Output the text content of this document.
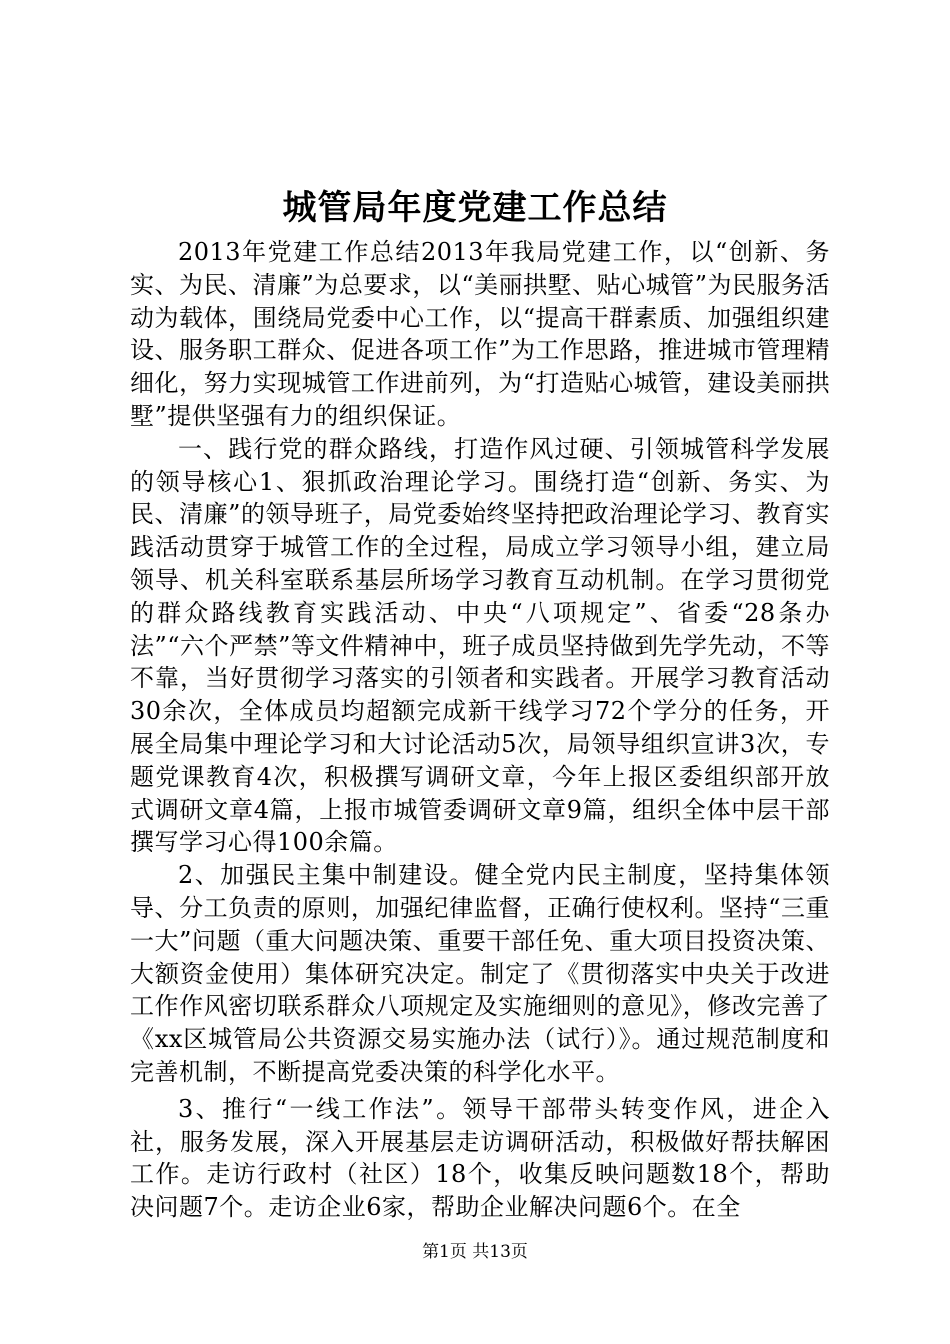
城管局年度党建工作总结

2013年党建工作总结2013年我局党建工作，以“创新、务实、为民、清廉”为总要求，以“美丽拱墅、贴心城管”为民服务活动为载体，围绕局党委中心工作，以“提高干群素质、加强组织建设、服务职工群众、促进各项工作”为工作思路，推进城市管理精细化，努力实现城管工作进前列，为“打造贴心城管，建设美丽拱墅”提供坚强有力的组织保证。

一、践行党的群众路线，打造作风过硬、引领城管科学发展的领导核心1、狠抓政治理论学习。围绕打造“创新、务实、为民、清廉”的领导班子，局党委始终坚持把政治理论学习、教育实践活动贯穿于城管工作的全过程，局成立学习领导小组，建立局领导、机关科室联系基层所场学习教育互动机制。在学习贯彻党的群众路线教育实践活动、中央“八项规定”、省委“28条办法”“六个严禁”等文件精神中，班子成员坚持做到先学先动，不等不靠，当好贯彻学习落实的引领者和实践者。开展学习教育活动30余次，全体成员均超额完成新干线学习72个学分的任务，开展全局集中理论学习和大讨论活动5次，局领导组织宣讲3次，专题党课教育4次，积极撰写调研文章，今年上报区委组织部开放式调研文章4篇，上报市城管委调研文章9篇，组织全体中层干部撰写学习心得100余篇。

2、加强民主集中制建设。健全党内民主制度，坚持集体领导、分工负责的原则，加强纪律监督，正确行使权利。坚持“三重一大”问题（重大问题决策、重要干部任免、重大项目投资决策、大额资金使用）集体研究决定。制定了《贯彻落实中央关于改进工作作风密切联系群众八项规定及实施细则的意见》，修改完善了《xx区城管局公共资源交易实施办法（试行）》。通过规范制度和完善机制，不断提高党委决策的科学化水平。

3、推行“一线工作法”。领导干部带头转变作风，进企入社，服务发展，深入开展基层走访调研活动，积极做好帮扶解困工作。走访行政村（社区）18个，收集反映问题数18个，帮助决问题7个。走访企业6家，帮助企业解决问题6个。在全

第1页 共13页
